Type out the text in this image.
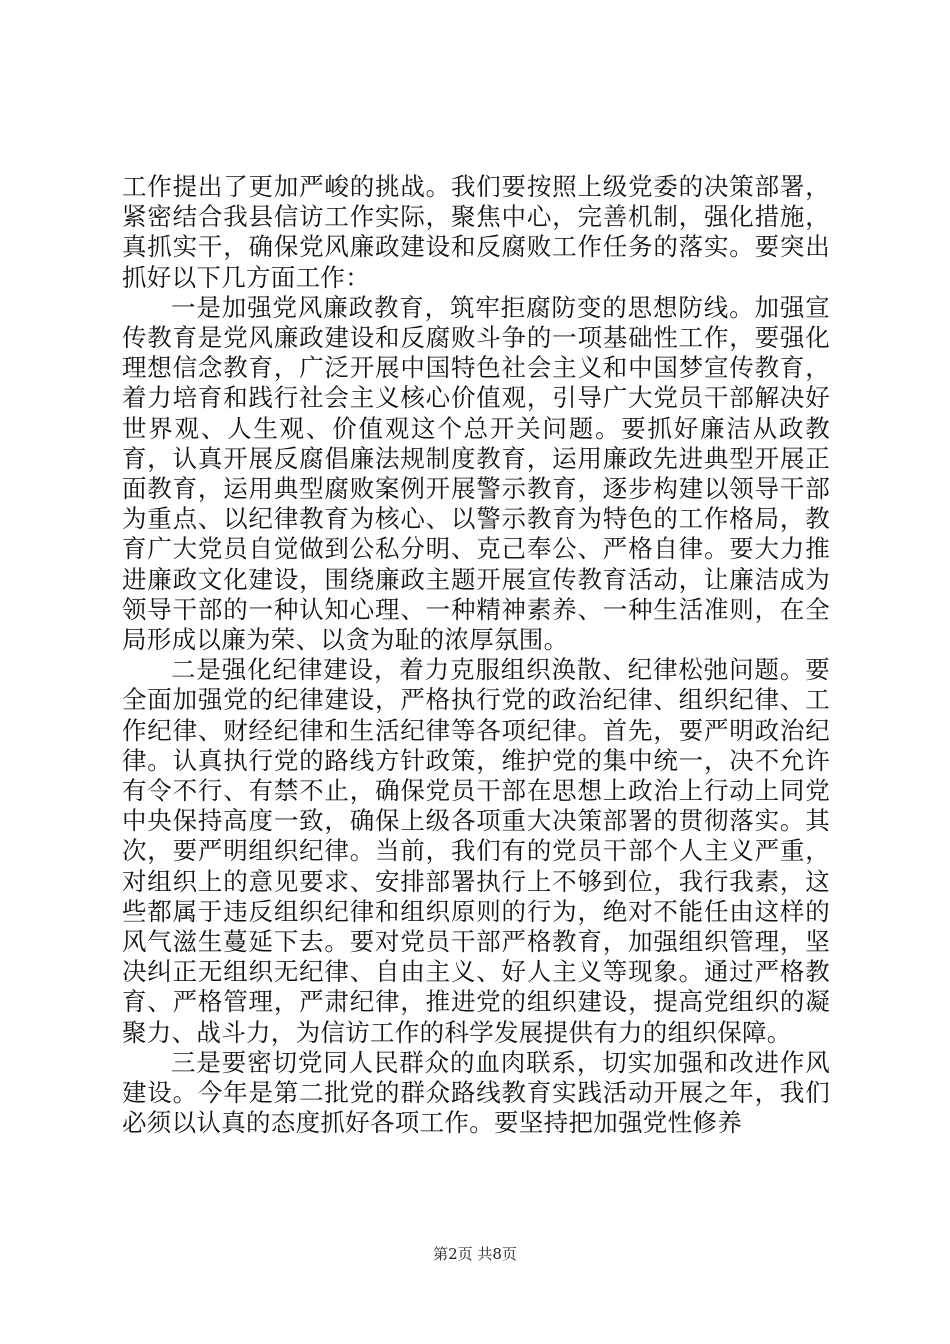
工作提出了更加严峻的挑战。我们要按照上级党委的决策部署，紧密结合我县信访工作实际，聚焦中心，完善机制，强化措施，真抓实干，确保党风廉政建设和反腐败工作任务的落实。要突出抓好以下几方面工作：

一是加强党风廉政教育，筑牢拒腐防变的思想防线。加强宣传教育是党风廉政建设和反腐败斗争的一项基础性工作，要强化理想信念教育，广泛开展中国特色社会主义和中国梦宣传教育，着力培育和践行社会主义核心价值观，引导广大党员干部解决好世界观、人生观、价值观这个总开关问题。要抓好廉洁从政教育，认真开展反腐倡廉法规制度教育，运用廉政先进典型开展正面教育，运用典型腐败案例开展警示教育，逐步构建以领导干部为重点、以纪律教育为核心、以警示教育为特色的工作格局，教育广大党员自觉做到公私分明、克己奉公、严格自律。要大力推进廉政文化建设，围绕廉政主题开展宣传教育活动，让廉洁成为领导干部的一种认知心理、一种精神素养、一种生活准则，在全局形成以廉为荣、以贪为耻的浓厚氛围。

二是强化纪律建设，着力克服组织涣散、纪律松弛问题。要全面加强党的纪律建设，严格执行党的政治纪律、组织纪律、工作纪律、财经纪律和生活纪律等各项纪律。首先，要严明政治纪律。认真执行党的路线方针政策，维护党的集中统一，决不允许有令不行、有禁不止，确保党员干部在思想上政治上行动上同党中央保持高度一致，确保上级各项重大决策部署的贯彻落实。其次，要严明组织纪律。当前，我们有的党员干部个人主义严重，对组织上的意见要求、安排部署执行上不够到位，我行我素，这些都属于违反组织纪律和组织原则的行为，绝对不能任由这样的风气滋生蔓延下去。要对党员干部严格教育，加强组织管理，坚决纠正无组织无纪律、自由主义、好人主义等现象。通过严格教育、严格管理，严肃纪律，推进党的组织建设，提高党组织的凝聚力、战斗力，为信访工作的科学发展提供有力的组织保障。

三是要密切党同人民群众的血肉联系，切实加强和改进作风建设。今年是第二批党的群众路线教育实践活动开展之年，我们必须以认真的态度抓好各项工作。要坚持把加强党性修养

第2页 共8页
